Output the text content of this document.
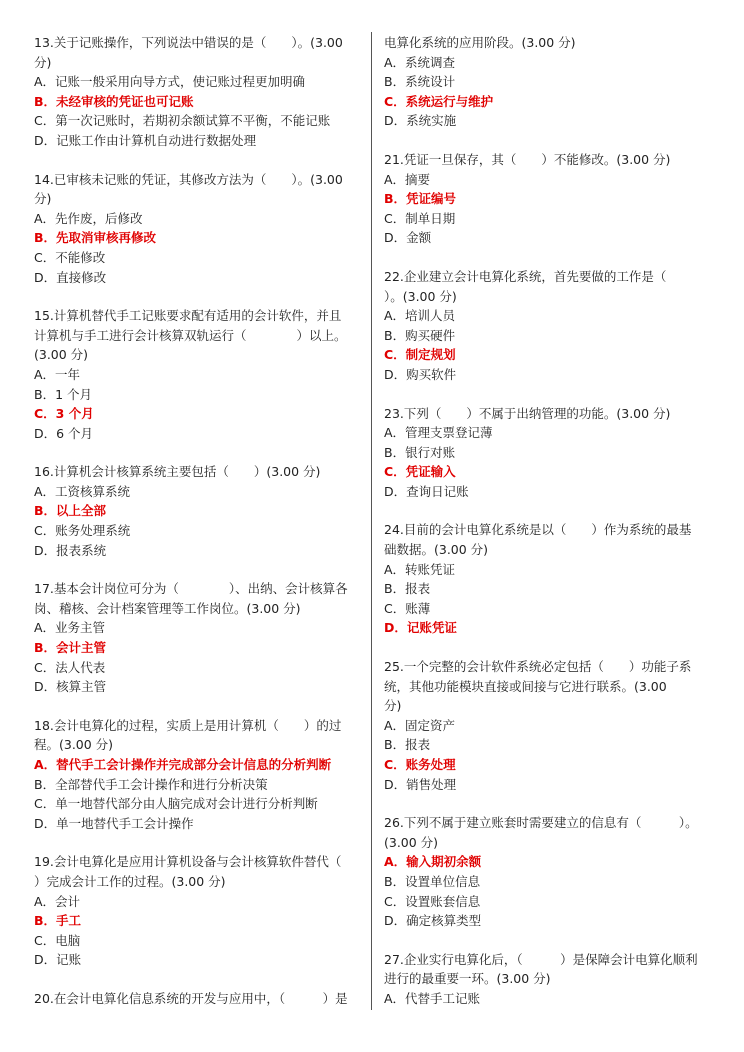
13.关于记账操作，下列说法中错误的是（　　）。(3.00
分)
A．记账一般采用向导方式，使记账过程更加明确
B．未经审核的凭证也可记账
C．第一次记账时，若期初余额试算不平衡，不能记账
D．记账工作由计算机自动进行数据处理
14.已审核未记账的凭证，其修改方法为（　　）。(3.00
分)
A．先作废，后修改
B．先取消审核再修改
C．不能修改
D．直接修改
15.计算机替代手工记账要求配有适用的会计软件，并且
计算机与手工进行会计核算双轨运行（　　　　）以上。
(3.00 分)
A．一年
B．1 个月
C．3 个月
D．6 个月
16.计算机会计核算系统主要包括（　　）(3.00 分)
A．工资核算系统
B．以上全部
C．账务处理系统
D．报表系统
17.基本会计岗位可分为（　　　　）、出纳、会计核算各
岗、稽核、会计档案管理等工作岗位。(3.00 分)
A．业务主管
B．会计主管
C．法人代表
D．核算主管
18.会计电算化的过程，实质上是用计算机（　　）的过
程。(3.00 分)
A．替代手工会计操作并完成部分会计信息的分析判断
B．全部替代手工会计操作和进行分析决策
C．单一地替代部分由人脑完成对会计进行分析判断
D．单一地替代手工会计操作
19.会计电算化是应用计算机设备与会计核算软件替代（
）完成会计工作的过程。(3.00 分)
A．会计
B．手工
C．电脑
D．记账
20.在会计电算化信息系统的开发与应用中，（　　　）是
电算化系统的应用阶段。(3.00 分)
A．系统调查
B．系统设计
C．系统运行与维护
D．系统实施
21.凭证一旦保存，其（　　）不能修改。(3.00 分)
A．摘要
B．凭证编号
C．制单日期
D．金额
22.企业建立会计电算化系统，首先要做的工作是（
）。(3.00 分)
A．培训人员
B．购买硬件
C．制定规划
D．购买软件
23.下列（　　）不属于出纳管理的功能。(3.00 分)
A．管理支票登记薄
B．银行对账
C．凭证输入
D．查询日记账
24.目前的会计电算化系统是以（　　）作为系统的最基
础数据。(3.00 分)
A．转账凭证
B．报表
C．账薄
D．记账凭证
25.一个完整的会计软件系统必定包括（　　）功能子系
统，其他功能模块直接或间接与它进行联系。(3.00
分)
A．固定资产
B．报表
C．账务处理
D．销售处理
26.下列不属于建立账套时需要建立的信息有（　　　）。
(3.00 分)
A．输入期初余额
B．设置单位信息
C．设置账套信息
D．确定核算类型
27.企业实行电算化后，（　　　）是保障会计电算化顺利
进行的最重要一环。(3.00 分)
A．代替手工记账
